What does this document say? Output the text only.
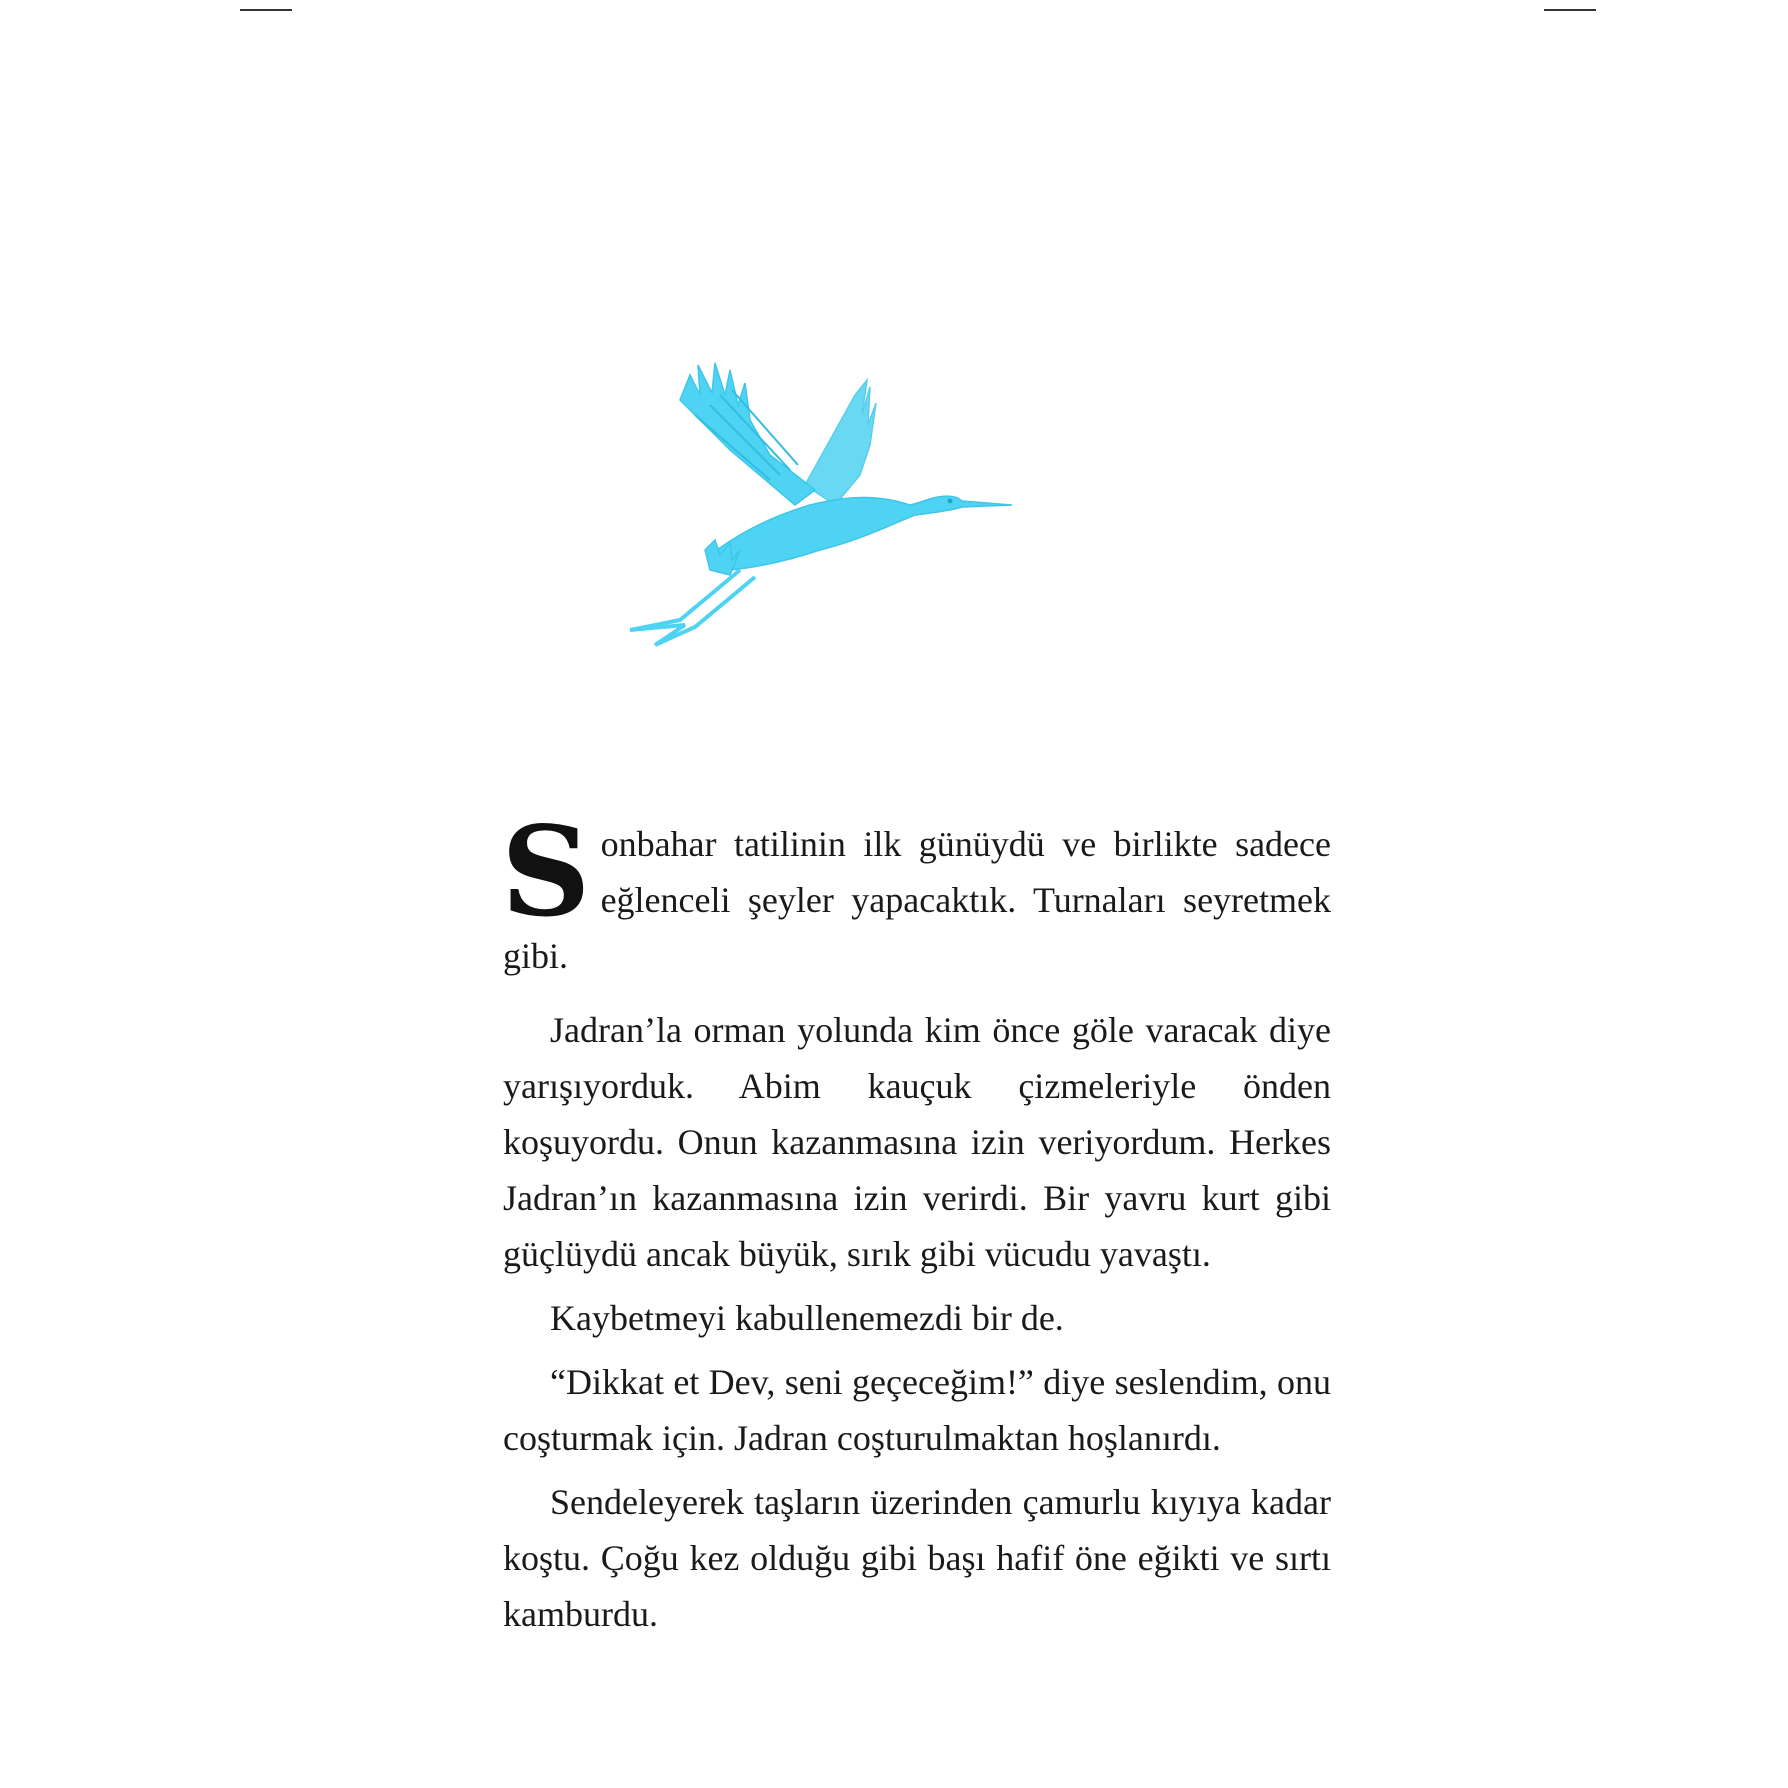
Sonbahar tatilinin ilk günüydü ve birlikte sadece eğlenceli şeyler yapacaktık. Turnaları seyretmek gibi.

Jadran’la orman yolunda kim önce göle varacak diye yarışıyorduk. Abim kauçuk çizmeleriyle önden koşuyordu. Onun kazanmasına izin veriyordum. Herkes Jadran’ın kazanmasına izin verirdi. Bir yavru kurt gibi güçlüydü ancak büyük, sırık gibi vücudu yavaştı.

Kaybetmeyi kabullenemezdi bir de.

“Dikkat et Dev, seni geçeceğim!” diye seslendim, onu coşturmak için. Jadran coşturulmaktan hoşlanırdı.

Sendeleyerek taşların üzerinden çamurlu kıyıya kadar koştu. Çoğu kez olduğu gibi başı hafif öne eğikti ve sırtı kamburdu.
